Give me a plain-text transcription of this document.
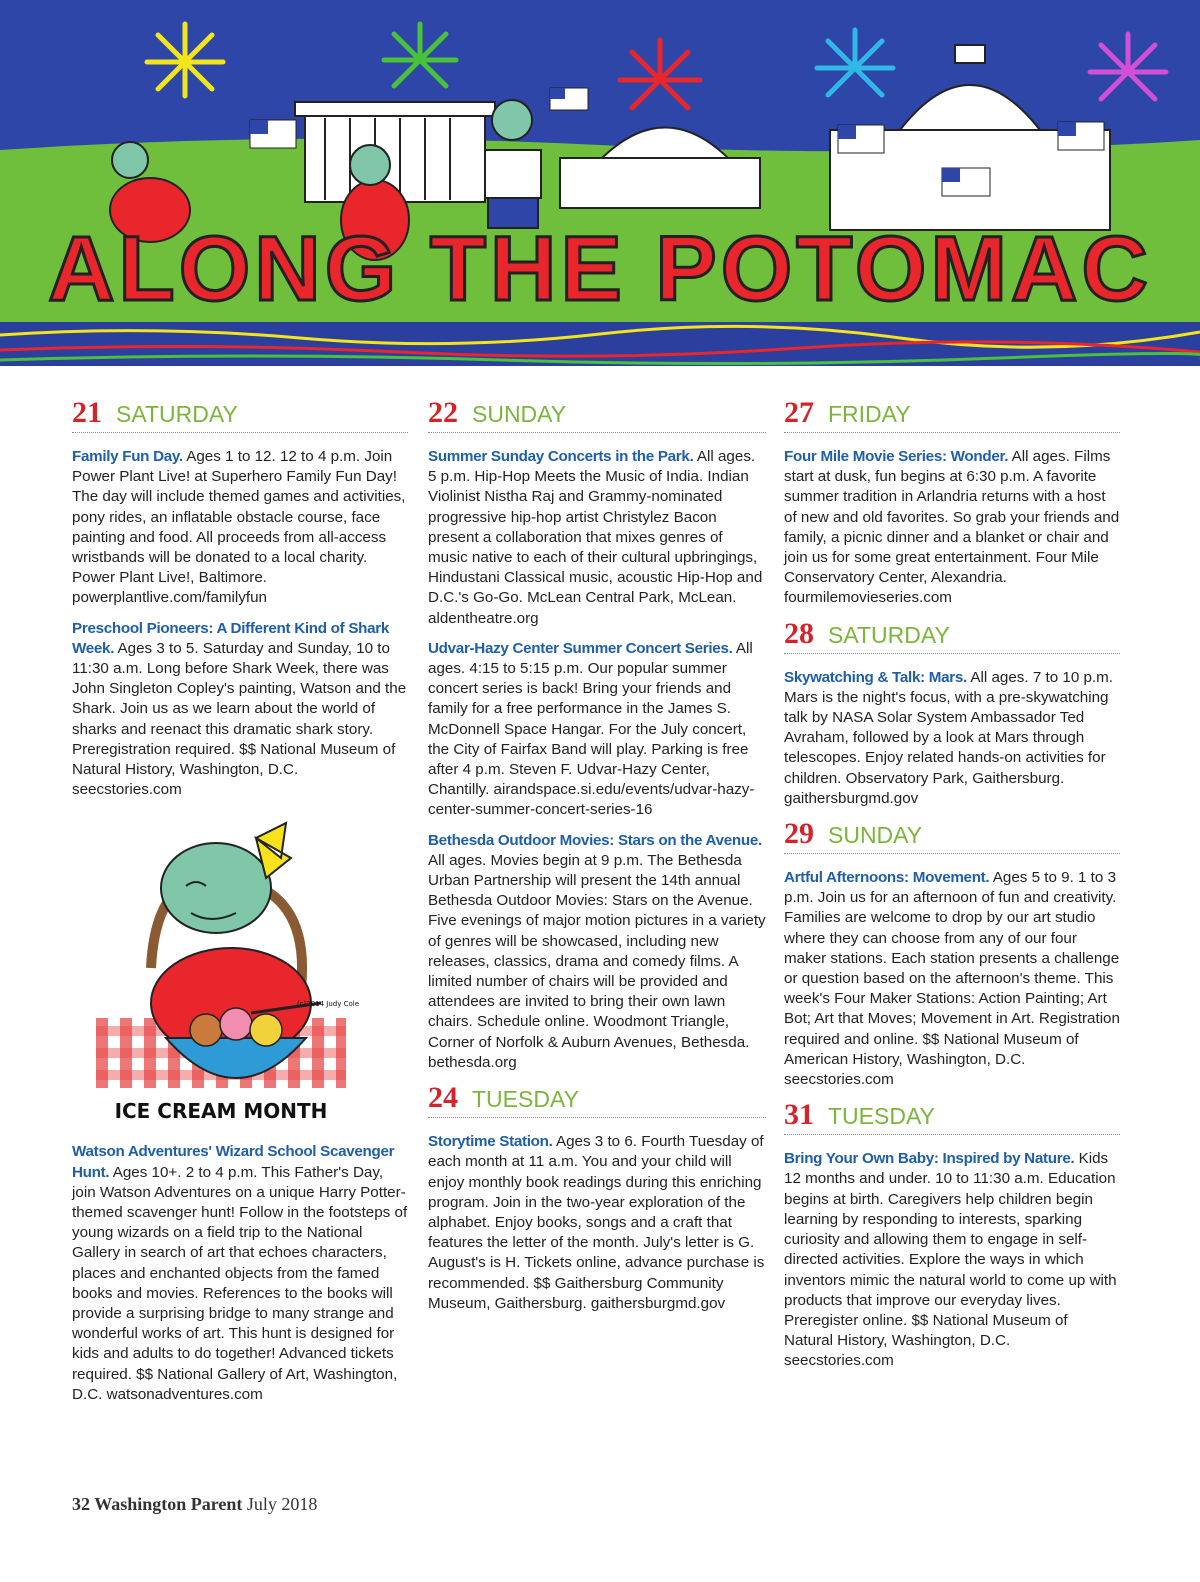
ALONG THE POTOMAC
21 SATURDAY

Family Fun Day. Ages 1 to 12. 12 to 4 p.m. Join Power Plant Live! at Superhero Family Fun Day! The day will include themed games and activities, pony rides, an inflatable obstacle course, face painting and food. All proceeds from all-access wristbands will be donated to a local charity. Power Plant Live!, Baltimore. powerplantlive.com/familyfun

Preschool Pioneers: A Different Kind of Shark Week. Ages 3 to 5. Saturday and Sunday, 10 to 11:30 a.m. Long before Shark Week, there was John Singleton Copley's painting, Watson and the Shark. Join us as we learn about the world of sharks and reenact this dramatic shark story. Preregistration required. $$ National Museum of Natural History, Washington, D.C. seecstories.com

ICE CREAM MONTH
(c)2014 Judy Cole

Watson Adventures' Wizard School Scavenger Hunt. Ages 10+. 2 to 4 p.m. This Father's Day, join Watson Adventures on a unique Harry Potter-themed scavenger hunt! Follow in the footsteps of young wizards on a field trip to the National Gallery in search of art that echoes characters, places and enchanted objects from the famed books and movies. References to the books will provide a surprising bridge to many strange and wonderful works of art. This hunt is designed for kids and adults to do together! Advanced tickets required. $$ National Gallery of Art, Washington, D.C. watsonadventures.com

22 SUNDAY

Summer Sunday Concerts in the Park. All ages. 5 p.m. Hip-Hop Meets the Music of India. Indian Violinist Nistha Raj and Grammy-nominated progressive hip-hop artist Christylez Bacon present a collaboration that mixes genres of music native to each of their cultural upbringings, Hindustani Classical music, acoustic Hip-Hop and D.C.'s Go-Go. McLean Central Park, McLean. aldentheatre.org

Udvar-Hazy Center Summer Concert Series. All ages. 4:15 to 5:15 p.m. Our popular summer concert series is back! Bring your friends and family for a free performance in the James S. McDonnell Space Hangar. For the July concert, the City of Fairfax Band will play. Parking is free after 4 p.m. Steven F. Udvar-Hazy Center, Chantilly. airandspace.si.edu/events/udvar-hazy-center-summer-concert-series-16

Bethesda Outdoor Movies: Stars on the Avenue. All ages. Movies begin at 9 p.m. The Bethesda Urban Partnership will present the 14th annual Bethesda Outdoor Movies: Stars on the Avenue. Five evenings of major motion pictures in a variety of genres will be showcased, including new releases, classics, drama and comedy films. A limited number of chairs will be provided and attendees are invited to bring their own lawn chairs. Schedule online. Woodmont Triangle, Corner of Norfolk & Auburn Avenues, Bethesda. bethesda.org

24 TUESDAY

Storytime Station. Ages 3 to 6. Fourth Tuesday of each month at 11 a.m. You and your child will enjoy monthly book readings during this enriching program. Join in the two-year exploration of the alphabet. Enjoy books, songs and a craft that features the letter of the month. July's letter is G. August's is H. Tickets online, advance purchase is recommended. $$ Gaithersburg Community Museum, Gaithersburg. gaithersburgmd.gov

27 FRIDAY

Four Mile Movie Series: Wonder. All ages. Films start at dusk, fun begins at 6:30 p.m. A favorite summer tradition in Arlandria returns with a host of new and old favorites. So grab your friends and family, a picnic dinner and a blanket or chair and join us for some great entertainment. Four Mile Conservatory Center, Alexandria. fourmilemovieseries.com

28 SATURDAY

Skywatching & Talk: Mars. All ages. 7 to 10 p.m. Mars is the night's focus, with a pre-skywatching talk by NASA Solar System Ambassador Ted Avraham, followed by a look at Mars through telescopes. Enjoy related hands-on activities for children. Observatory Park, Gaithersburg. gaithersburgmd.gov

29 SUNDAY

Artful Afternoons: Movement. Ages 5 to 9. 1 to 3 p.m. Join us for an afternoon of fun and creativity. Families are welcome to drop by our art studio where they can choose from any of our four maker stations. Each station presents a challenge or question based on the afternoon's theme. This week's Four Maker Stations: Action Painting; Art Bot; Art that Moves; Movement in Art. Registration required and online. $$ National Museum of American History, Washington, D.C. seecstories.com

31 TUESDAY

Bring Your Own Baby: Inspired by Nature. Kids 12 months and under. 10 to 11:30 a.m. Education begins at birth. Caregivers help children begin learning by responding to interests, sparking curiosity and allowing them to engage in self-directed activities. Explore the ways in which inventors mimic the natural world to come up with products that improve our everyday lives. Preregister online. $$ National Museum of Natural History, Washington, D.C. seecstories.com

32 Washington Parent July 2018
